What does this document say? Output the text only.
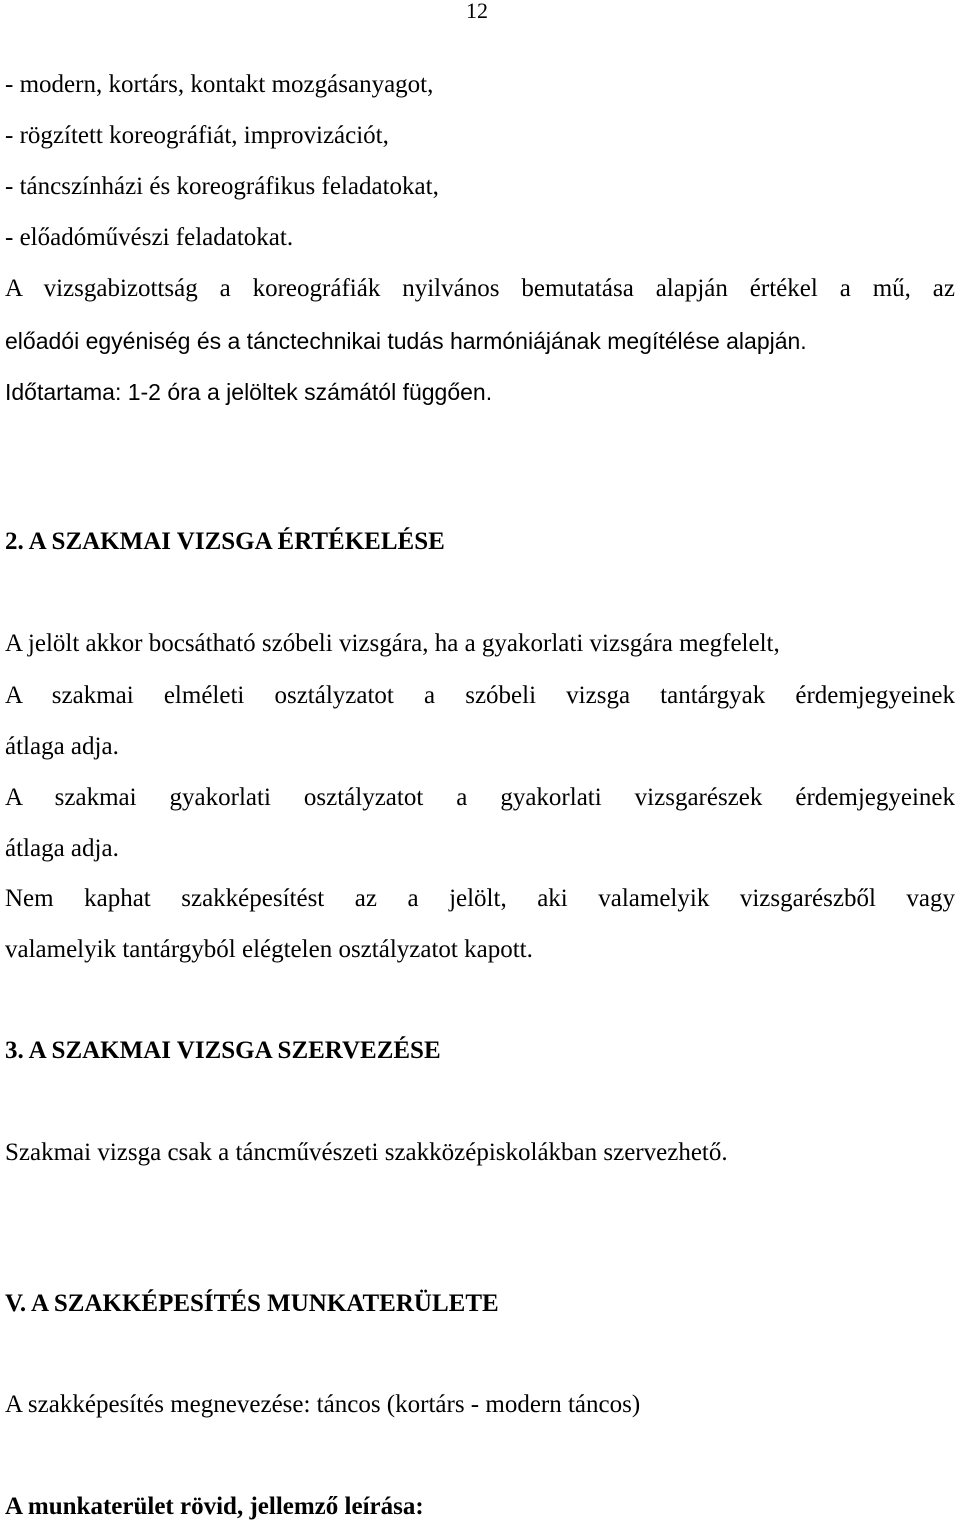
12
- modern, kortárs, kontakt mozgásanyagot,
- rögzített koreográfiát, improvizációt,
- táncszínházi és koreográfikus feladatokat,
- előadóművészi feladatokat.
A vizsgabizottság a koreográfiák nyilvános bemutatása alapján értékel a mű, az
előadói egyéniség és a tánctechnikai tudás harmóniájának megítélése alapján.
Időtartama: 1-2 óra a jelöltek számától függően.
2. A SZAKMAI VIZSGA ÉRTÉKELÉSE
A jelölt akkor bocsátható szóbeli vizsgára, ha a gyakorlati vizsgára megfelelt,
A szakmai elméleti osztályzatot a szóbeli vizsga tantárgyak érdemjegyeinek
átlaga adja.
A szakmai gyakorlati osztályzatot a gyakorlati vizsgarészek érdemjegyeinek
átlaga adja.
Nem kaphat szakképesítést az a jelölt, aki valamelyik vizsgarészből vagy
valamelyik tantárgyból elégtelen osztályzatot kapott.
3. A SZAKMAI VIZSGA SZERVEZÉSE
Szakmai vizsga csak a táncművészeti szakközépiskolákban szervezhető.
V. A SZAKKÉPESÍTÉS MUNKATERÜLETE
A szakképesítés megnevezése: táncos (kortárs - modern táncos)
A munkaterület rövid, jellemző leírása:
